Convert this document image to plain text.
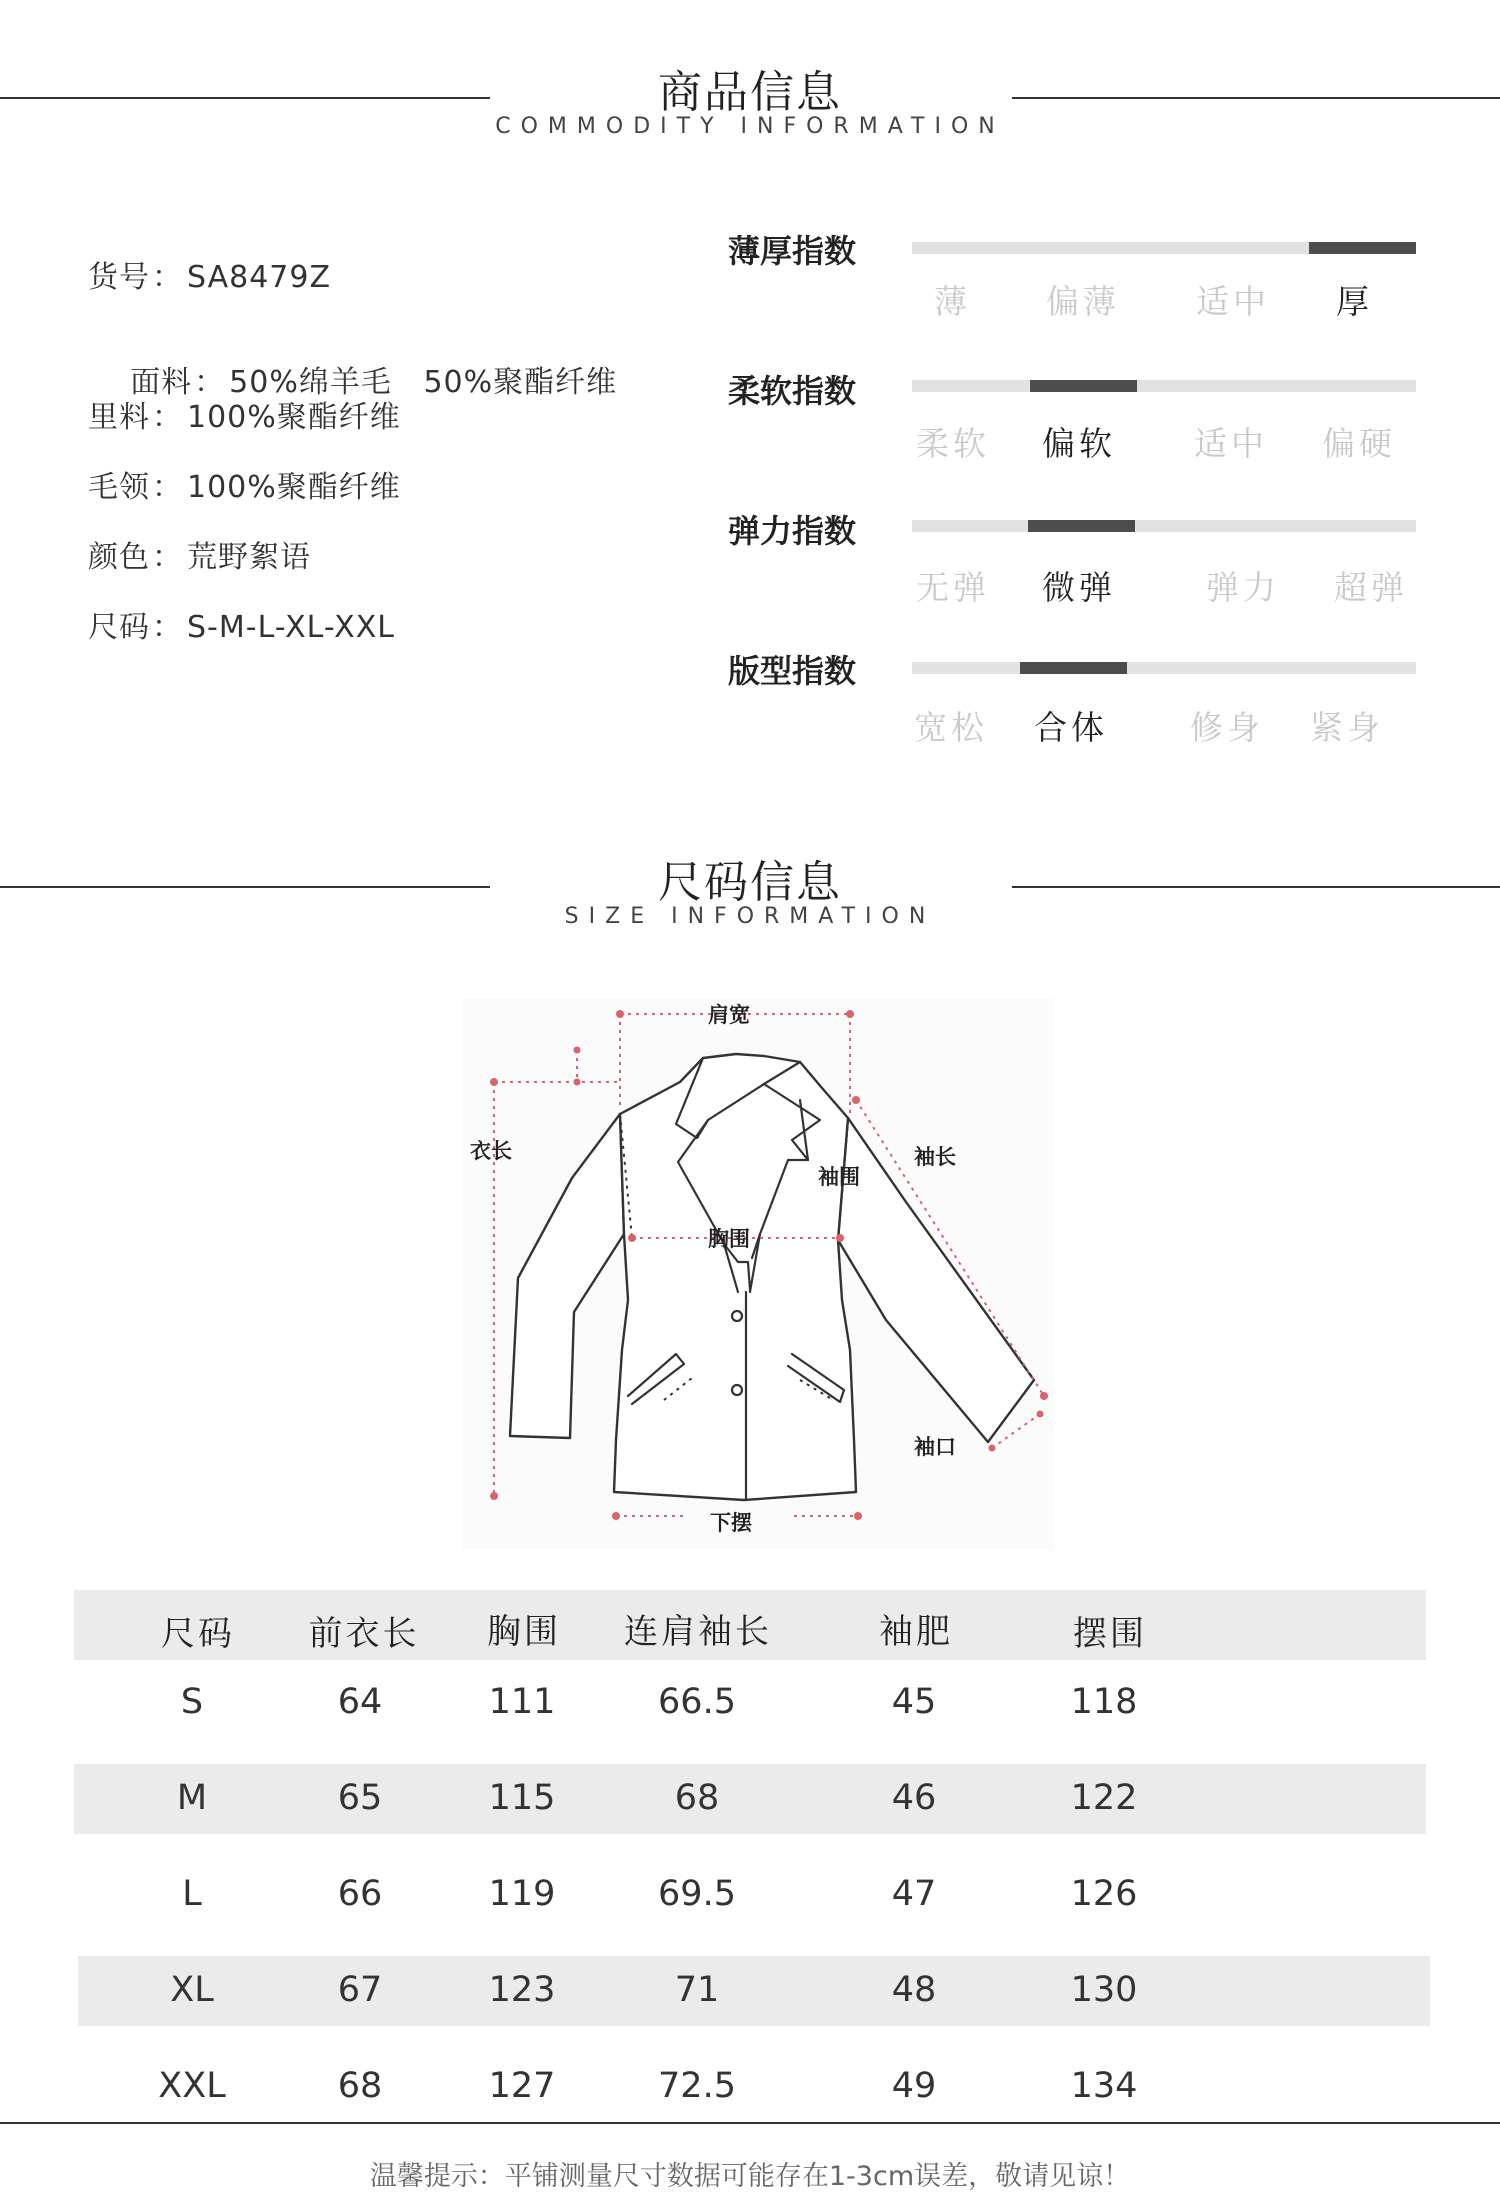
商品信息
COMMODITY INFORMATION
货号： SA8479Z

面料： 50%绵羊毛   50%聚酯纤维

里料： 100%聚酯纤维
毛领： 100%聚酯纤维
颜色： 荒野絮语
尺码： S-M-L-XL-XXL
薄厚指数
薄 偏薄 适中 厚
柔软指数
柔软 偏软 适中 偏硬
弹力指数
无弹 微弹	弹力 超弹
版型指数
宽松 合体 修身 紧身
尺码信息
SIZE INFORMATION
肩宽
衣长	袖长
袖围
胸围
袖口
下摆
尺码 前衣长 胸围 连肩袖长	袖肥	摆围
S	64	111	66.5	45	118
M	65	115	68	46	122
L	66	119	69.5	47	126
XL	67	123	71	48	130
XXL	68	127	72.5	49	134
温馨提示：平铺测量尺寸数据可能存在1-3cm误差，敬请见谅！
